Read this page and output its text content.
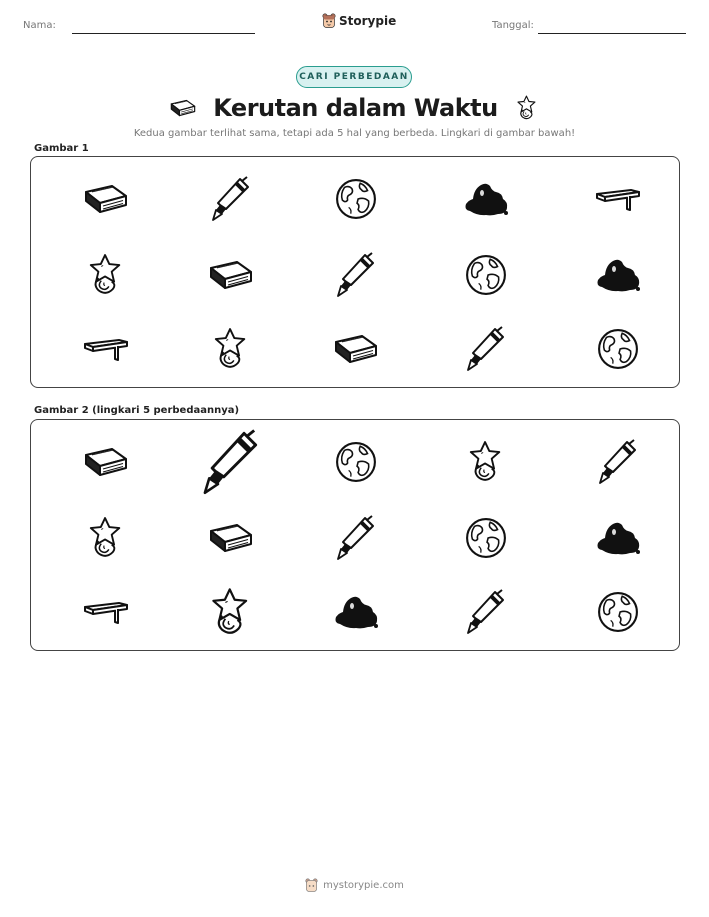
Nama:	Storypie	Tanggal:
CARI PERBEDAAN
Kerutan dalam Waktu
Kedua gambar terlihat sama, tetapi ada 5 hal yang berbeda. Lingkari di gambar bawah!
Gambar 1
Gambar 2 (lingkari 5 perbedaannya)
mystorypie.com
